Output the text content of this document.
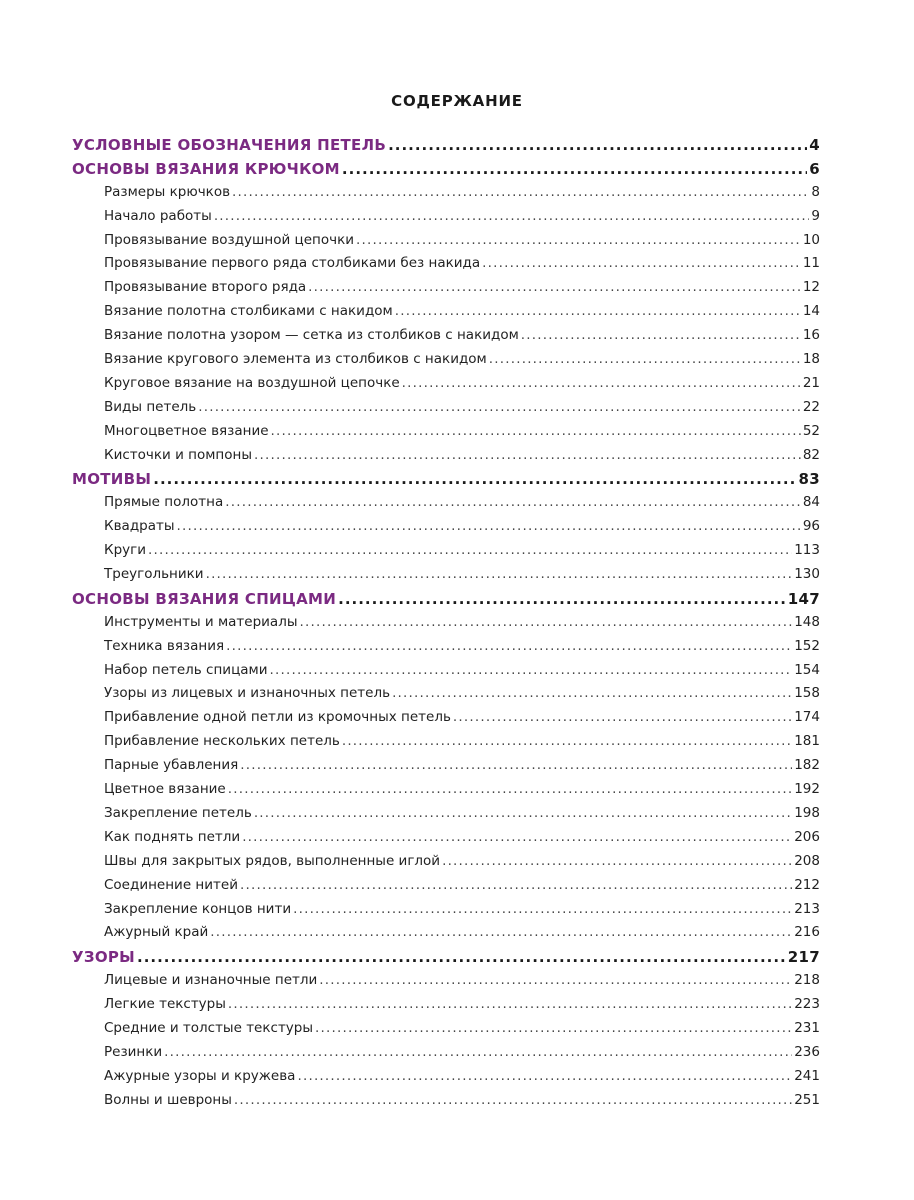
СОДЕРЖАНИЕ
УСЛОВНЫЕ ОБОЗНАЧЕНИЯ ПЕТЕЛЬ .....	4
ОСНОВЫ ВЯЗАНИЯ КРЮЧКОМ .....	6
Размеры крючков .....	8
Начало работы .....	9
Провязывание воздушной цепочки .....	10
Провязывание первого ряда столбиками без накида .....	11
Провязывание второго ряда .....	12
Вязание полотна столбиками с накидом .....	14
Вязание полотна узором — сетка из столбиков с накидом .....	16
Вязание кругового элемента из столбиков с накидом .....	18
Круговое вязание на воздушной цепочке .....	21
Виды петель .....	22
Многоцветное вязание .....	52
Кисточки и помпоны .....	82
МОТИВЫ .....	83
Прямые полотна .....	84
Квадраты .....	96
Круги .....	113
Треугольники .....	130
ОСНОВЫ ВЯЗАНИЯ СПИЦАМИ .....	147
Инструменты и материалы .....	148
Техника вязания .....	152
Набор петель спицами .....	154
Узоры из лицевых и изнаночных петель .....	158
Прибавление одной петли из кромочных петель .....	174
Прибавление нескольких петель .....	181
Парные убавления .....	182
Цветное вязание .....	192
Закрепление петель .....	198
Как поднять петли .....	206
Швы для закрытых рядов, выполненные иглой .....	208
Соединение нитей .....	212
Закрепление концов нити .....	213
Ажурный край .....	216
УЗОРЫ .....	217
Лицевые и изнаночные петли .....	218
Легкие текстуры .....	223
Средние и толстые текстуры .....	231
Резинки .....	236
Ажурные узоры и кружева .....	241
Волны и шевроны .....	251
